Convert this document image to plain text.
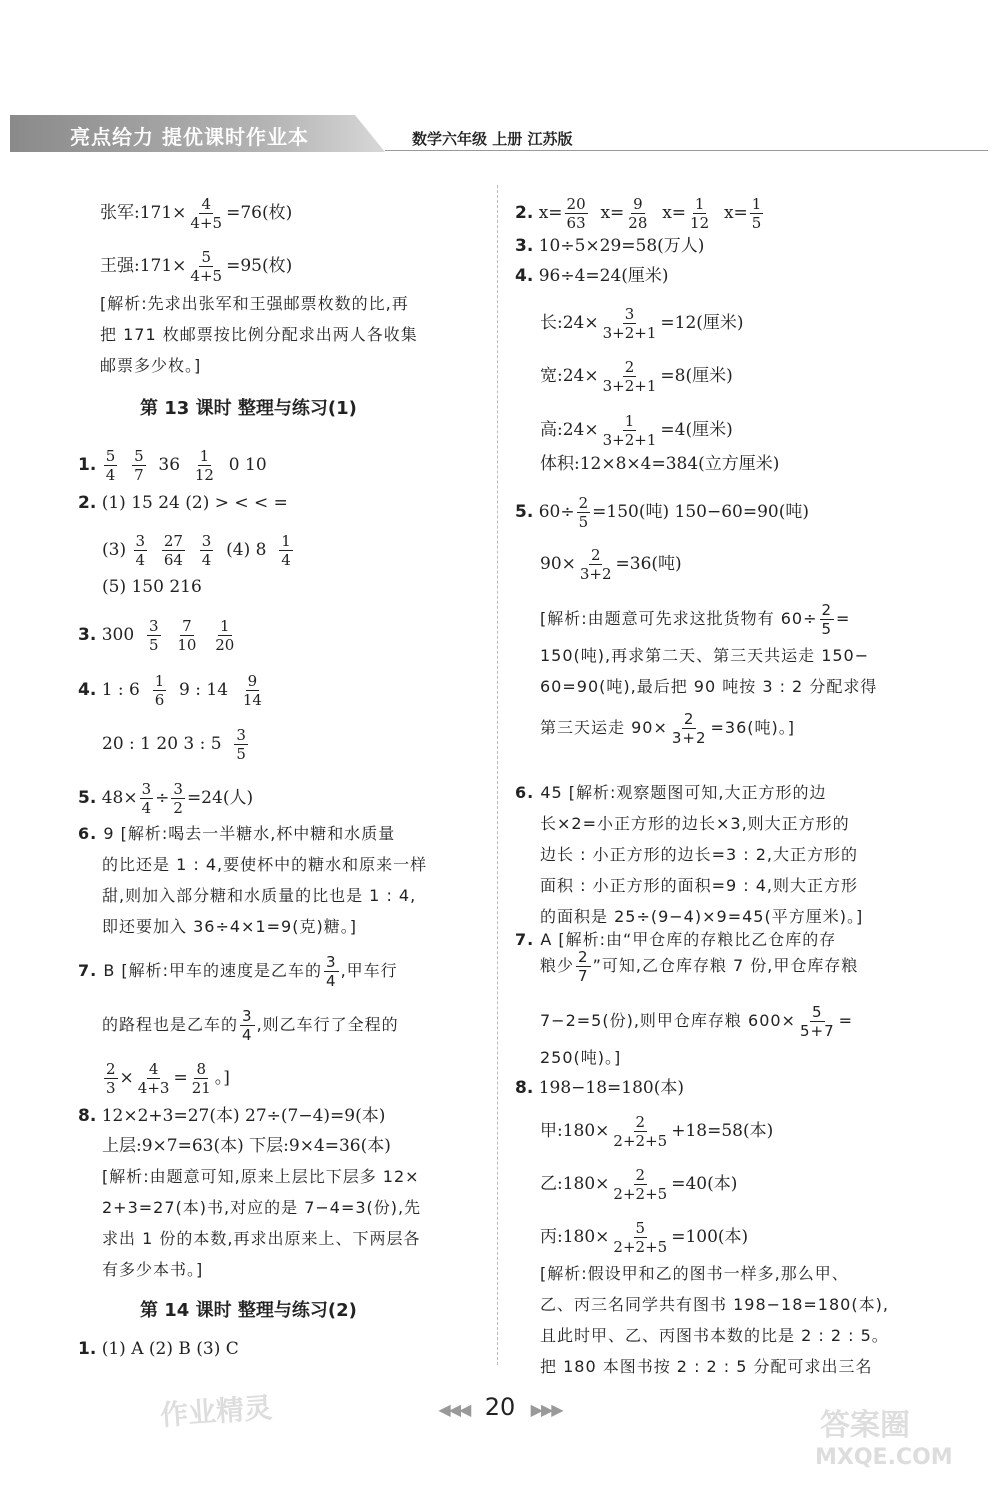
亮点给力 提优课时作业本	数学六年级 上册 江苏版
张军:171× $\frac{4}{4+5} =76$(枚)
王强:171× $\frac{5}{4+5} =95$(枚)
[解析:先求出张军和王强邮票枚数的比,再
把 171 枚邮票按比例分配求出两人各收集
邮票多少枚。]
第 13 课时 整理与练习(1)
1. $\frac{5}{4}$
$\frac{5}{7} 36 \frac{1}{12} 0$ 10
2. (1) 15 24 (2) > < < =
$(3) \frac{3}{4}$
$\frac{27}{64}$
$\frac{3}{4} (4)$ $8 \frac{1}{4}$
(5) 150 216
3. $300 \frac{3}{5}$
$\frac{7}{10}$
$\frac{1}{20}$
4. 1 : $6 \frac{1}{6} 9$ : $14 \frac{9}{14}$
20 : 1 20 3 : $5 \frac{3}{5}$
5. $48\times \frac{3}{4} \div \frac{3}{2} =24$(人)
6. 9 [解析:喝去一半糖水,杯中糖和水质量
的比还是 1 : 4,要使杯中的糖水和原来一样
甜,则加入部分糖和水质量的比也是 1 : 4,
即还要加入 36÷4×1=9(克)糖。]
7. B [解析:甲车的速度是乙车的 $\frac{3}{4}$ ,甲车行
的路程也是乙车的 $\frac{3}{4}$ ,则乙车行了全程的
$\frac{2}{3} \times \frac{4}{4+3} = \frac{8}{21}$ 。]
8. 12×2+3=27(本) 27÷(7−4)=9(本)
上层:9×7=63(本) 下层:9×4=36(本)
[解析:由题意可知,原来上层比下层多 12×
2+3=27(本)书,对应的是 7−4=3(份),先
求出 1 份的本数,再求出原来上、下两层各
有多少本书。]
第 14 课时 整理与练习(2)
1. (1) A (2) B (3) C
2. $x= \frac{20}{63} x= \frac{9}{28} x= \frac{1}{12} x= \frac{1}{5}$
3. 10÷5×29=58(万人)
4. 96÷4=24(厘米)
长:24× $\frac{3}{3+2+1} =12$(厘米)
宽:24× $\frac{2}{3+2+1} =8$(厘米)
高:24× $\frac{1}{3+2+1} =4$(厘米)
体积:12×8×4=384(立方厘米)
5. $60\div \frac{2}{5} =150$(吨) 150−60=90(吨)
$90\times \frac{2}{3+2} =36$(吨)
[解析:由题意可先求这批货物有 $60\div \frac{2}{5}$ =
150(吨),再求第二天、第三天共运走 150−
60=90(吨),最后把 90 吨按 3 : 2 分配求得
第三天运走 $90\times \frac{2}{3+2} =36$(吨)。]
6. 45 [解析:观察题图可知,大正方形的边
长×2=小正方形的边长×3,则大正方形的
边长 : 小正方形的边长=3 : 2,大正方形的
面积 : 小正方形的面积=9 : 4,则大正方形
的面积是 25÷(9−4)×9=45(平方厘米)。]
7. A [解析:由“甲仓库的存粮比乙仓库的存
粮少 $\frac{2}{7}$ ”可知,乙仓库存粮 7 份,甲仓库存粮
7−2=5(份),则甲仓库存粮 $600\times \frac{5}{5+7}$ =
250(吨)。]
8. 198−18=180(本)
甲:180× $\frac{2}{2+2+5} +18=58$(本)
乙:180× $\frac{2}{2+2+5} =40$(本)
丙:180× $\frac{5}{2+2+5} =100$(本)
[解析:假设甲和乙的图书一样多,那么甲、
乙、丙三名同学共有图书 198−18=180(本),
且此时甲、乙、丙图书本数的比是 2 : 2 : 5。
把 180 本图书按 2 : 2 : 5 分配可求出三名
◀◀◀ 20 ▶▶▶
作业精灵	答案圈
MXQE.COM
